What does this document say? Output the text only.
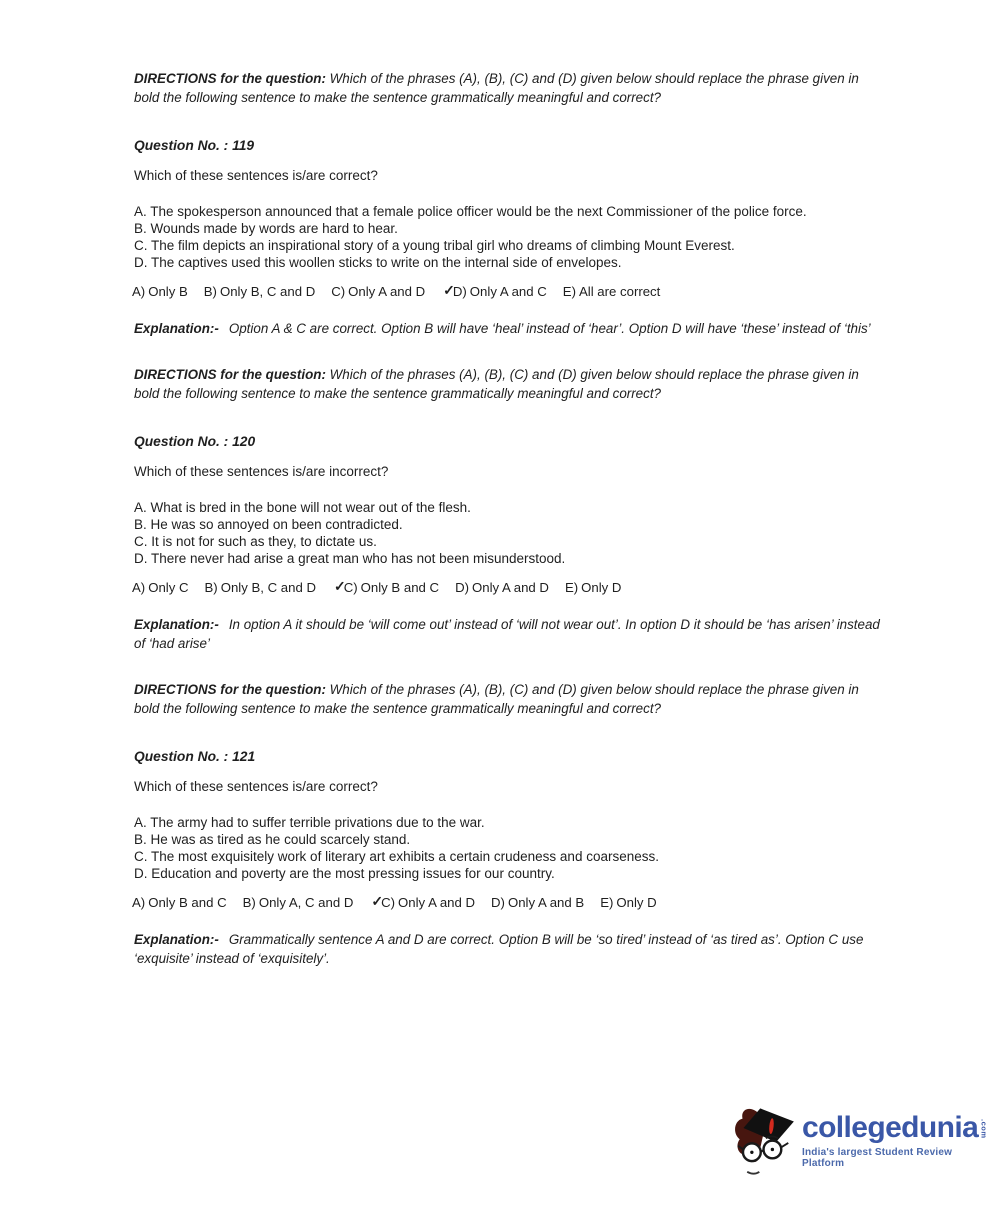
DIRECTIONS for the question: Which of the phrases (A), (B), (C) and (D) given below should replace the phrase given in bold the following sentence to make the sentence grammatically meaningful and correct?

Question No. : 119

Which of these sentences is/are correct?

A. The spokesperson announced that a female police officer would be the next Commissioner of the police force.
B. Wounds made by words are hard to hear.
C. The film depicts an inspirational story of a young tribal girl who dreams of climbing Mount Everest.
D. The captives used this woollen sticks to write on the internal side of envelopes.
A) Only B B) Only B, C and D C) Only A and D ✓D) Only A and C E) All are correct

Explanation:- Option A & C are correct. Option B will have ‘heal’ instead of ‘hear’. Option D will have ‘these’ instead of ‘this’

DIRECTIONS for the question: Which of the phrases (A), (B), (C) and (D) given below should replace the phrase given in bold the following sentence to make the sentence grammatically meaningful and correct?

Question No. : 120

Which of these sentences is/are incorrect?

A. What is bred in the bone will not wear out of the flesh.
B. He was so annoyed on been contradicted.
C. It is not for such as they, to dictate us.
D. There never had arise a great man who has not been misunderstood.
A) Only C B) Only B, C and D ✓C) Only B and C D) Only A and D E) Only D

Explanation:- In option A it should be ‘will come out’ instead of ‘will not wear out’. In option D it should be ‘has arisen’ instead of ‘had arise’

DIRECTIONS for the question: Which of the phrases (A), (B), (C) and (D) given below should replace the phrase given in bold the following sentence to make the sentence grammatically meaningful and correct?

Question No. : 121

Which of these sentences is/are correct?

A. The army had to suffer terrible privations due to the war.
B. He was as tired as he could scarcely stand.
C. The most exquisitely work of literary art exhibits a certain crudeness and coarseness.
D. Education and poverty are the most pressing issues for our country.
A) Only B and C B) Only A, C and D ✓C) Only A and D D) Only A and B E) Only D

Explanation:- Grammatically sentence A and D are correct. Option B will be ‘so tired’ instead of ‘as tired as’. Option C use ‘exquisite’ instead of ‘exquisitely’.

collegedunia .com
India's largest Student Review Platform
